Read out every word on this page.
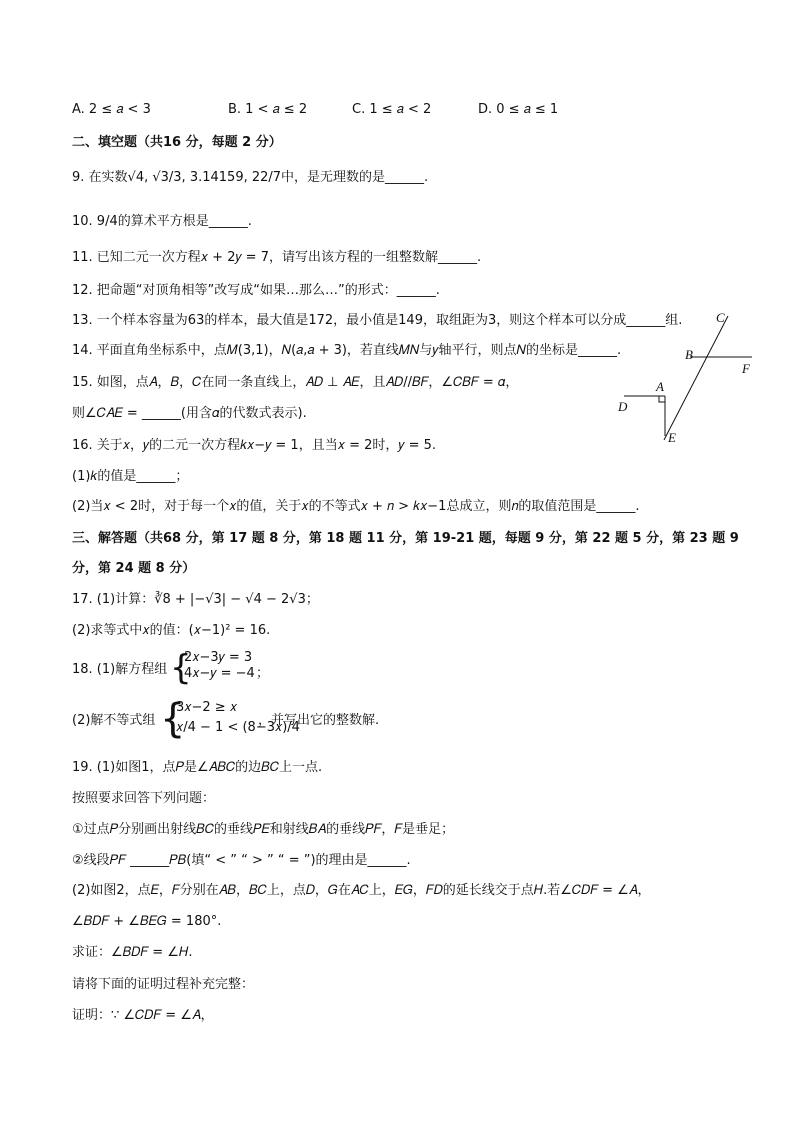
A. 2 ≤ 𝑎 < 3	B. 1 < 𝑎 ≤ 2	C. 1 ≤ 𝑎 < 2	D. 0 ≤ 𝑎 ≤ 1
二、填空题（共16 分，每题 2 分）
9. 在实数√4, √3/3, 3.14159, 22/7中，是无理数的是______.
10. 9/4的算术平方根是______.
11. 已知二元一次方程𝑥 + 2𝑦 = 7，请写出该方程的一组整数解______.
12. 把命题“对顶角相等”改写成“如果…那么…”的形式：______.
13. 一个样本容量为63的样本，最大值是172，最小值是149，取组距为3，则这个样本可以分成______组.
14. 平面直角坐标系中，点𝑀(3,1)，𝑁(𝑎,𝑎 + 3)，若直线𝑀𝑁与𝑦轴平行，则点𝑁的坐标是______.
15. 如图，点𝐴，𝐵，𝐶在同一条直线上，𝐴𝐷 ⊥ 𝐴𝐸，且𝐴𝐷//𝐵𝐹，∠𝐶𝐵𝐹 = 𝛼，
则∠𝐶𝐴𝐸 = ______(用含𝛼的代数式表示).
C
B
F
A
D
E
16. 关于𝑥，𝑦的二元一次方程𝑘𝑥−𝑦 = 1，且当𝑥 = 2时，𝑦 = 5.
(1)𝑘的值是______；
(2)当𝑥 < 2时，对于每一个𝑥的值，关于𝑥的不等式𝑥 + 𝑛 > 𝑘𝑥−1总成立，则𝑛的取值范围是______.
三、解答题（共68 分，第 17 题 8 分，第 18 题 11 分，第 19-21 题，每题 9 分，第 22 题 5 分，第 23 题 9
分，第 24 题 8 分）
17. (1)计算：∛8 + |−√3| − √4 − 2√3；
(2)求等式中𝑥的值：(𝑥−1)² = 16.
18. (1)解方程组 {
2𝑥−3𝑦 = 3
4𝑥−𝑦 = −4 ；
(2)解不等式组 {
3𝑥−2 ≥ 𝑥
𝑥/4 − 1 < (8−3𝑥)/4
，并写出它的整数解.
19. (1)如图1，点𝑃是∠𝐴𝐵𝐶的边𝐵𝐶上一点.
按照要求回答下列问题：
①过点𝑃分别画出射线𝐵𝐶的垂线𝑃𝐸和射线𝐵𝐴的垂线𝑃𝐹，𝐹是垂足；
②线段𝑃𝐹 ______𝑃𝐵(填“ < ” “ > ” “ = ”)的理由是______.
(2)如图2，点𝐸，𝐹分别在𝐴𝐵，𝐵𝐶上，点𝐷，𝐺在𝐴𝐶上，𝐸𝐺，𝐹𝐷的延长线交于点𝐻.若∠𝐶𝐷𝐹 = ∠𝐴，
∠𝐵𝐷𝐹 + ∠𝐵𝐸𝐺 = 180°.
求证：∠𝐵𝐷𝐹 = ∠𝐻.
请将下面的证明过程补充完整：
证明：∵ ∠𝐶𝐷𝐹 = ∠𝐴，
